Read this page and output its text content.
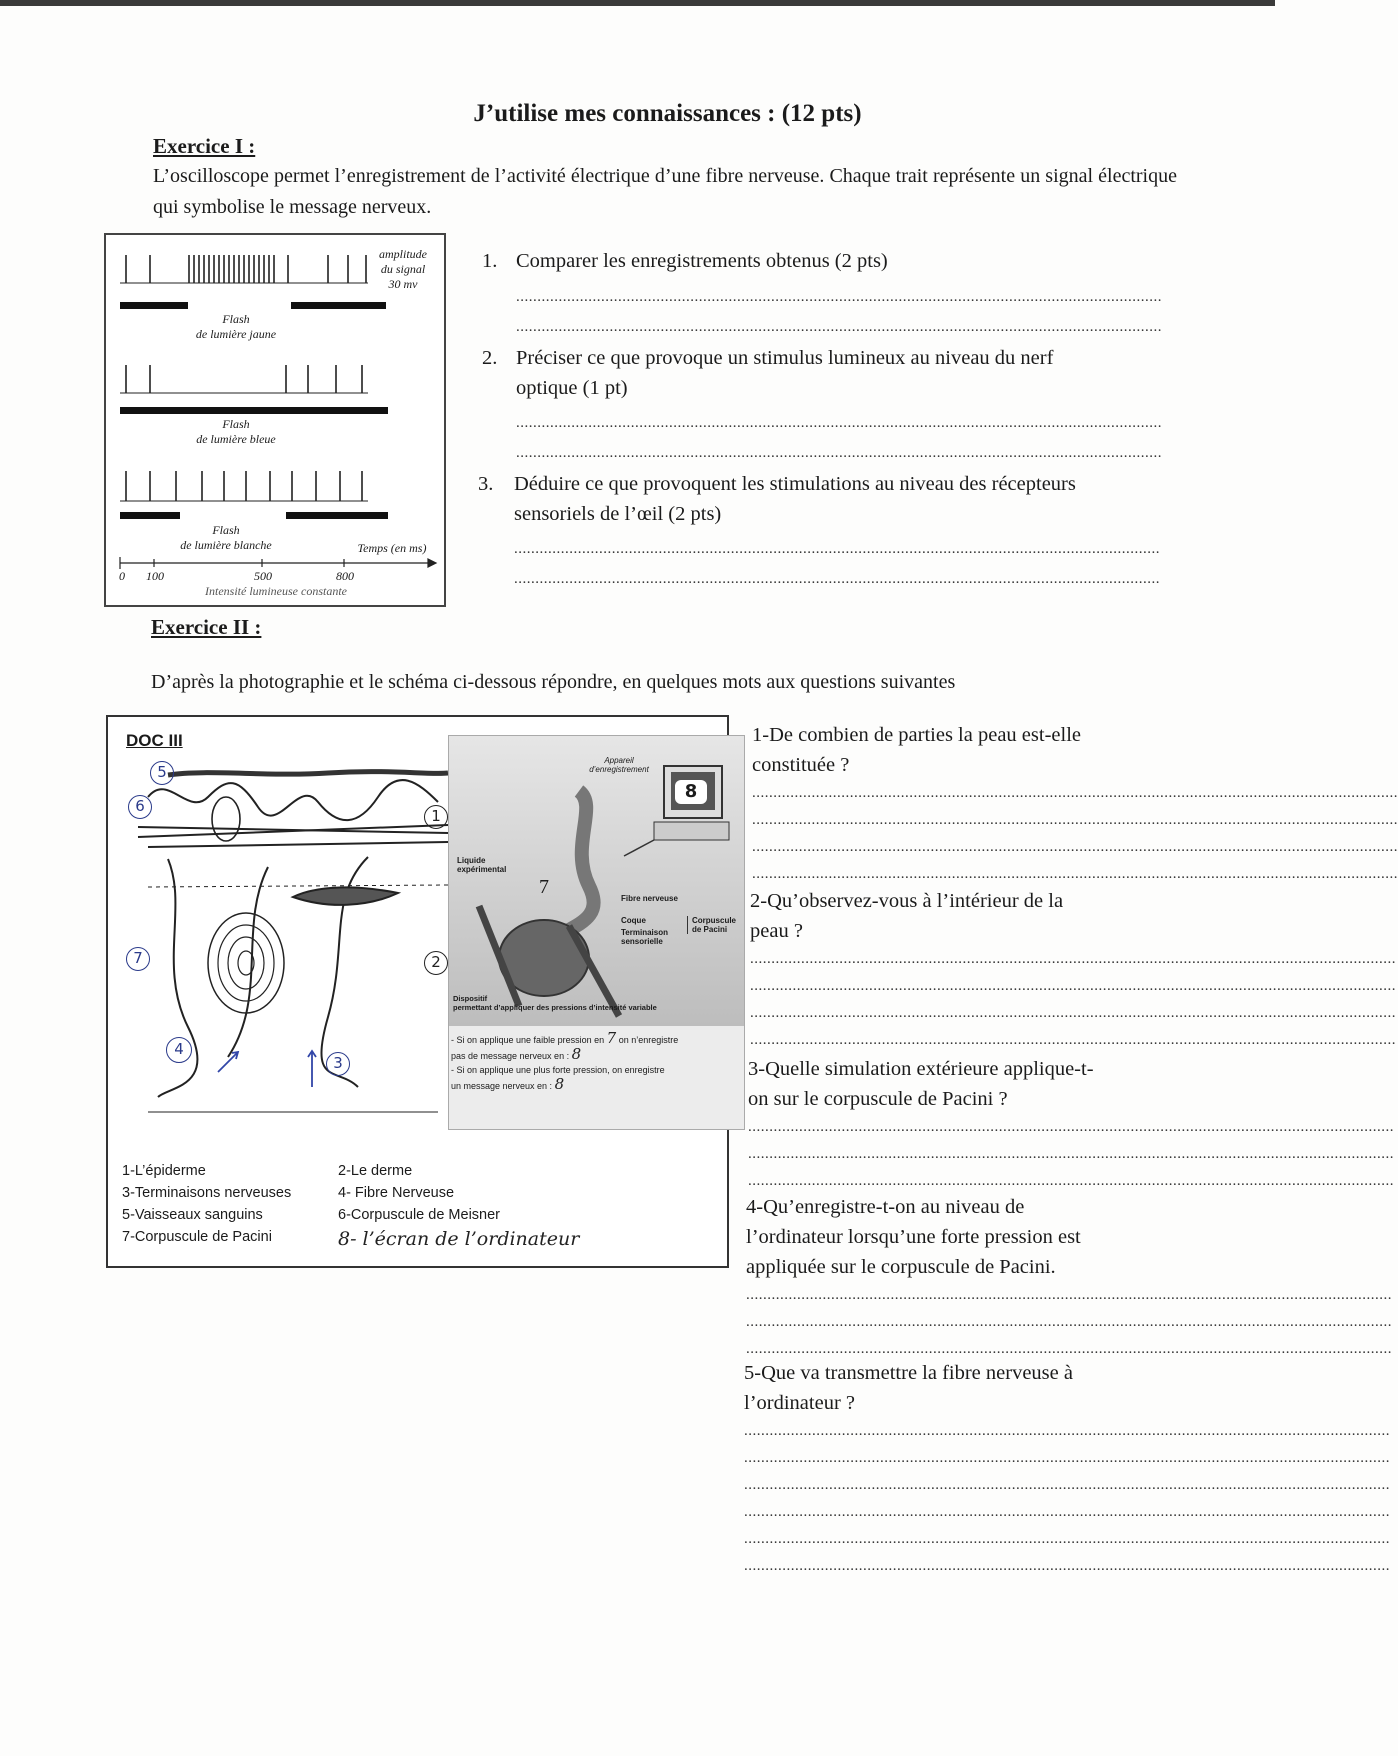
J’utilise mes connaissances : (12 pts)
Exercice I :
L’oscilloscope permet l’enregistrement de l’activité électrique d’une fibre nerveuse. Chaque trait représente un signal électrique qui symbolise le message nerveux.
amplitude
du signal
30 mv
Flash
de lumière jaune
Flash
de lumière bleue
Flash
de lumière blanche	Temps (en ms)
0	100	500	800
Intensité lumineuse constante
1. Comparer les enregistrements obtenus (2 pts)
........................................................................................................................................................
........................................................................................................................................................
2. Préciser ce que provoque un stimulus lumineux au niveau du nerf
optique (1 pt)
........................................................................................................................................................
........................................................................................................................................................
3. Déduire ce que provoquent les stimulations au niveau des récepteurs
sensoriels de l’œil (2 pts)
........................................................................................................................................................
........................................................................................................................................................
Exercice II :
D’après la photographie et le schéma ci-dessous répondre, en quelques mots aux questions suivantes
5
6
7
4
3
1
2
DOC III
8
Appareil
d’enregistrement
Liquide
expérimental
Fibre nerveuse
Coque
Terminaison
sensorielle
Corpuscule
de Pacini
7
Dispositif
permettant d’appliquer des pressions d’intensité variable
- Si on applique une faible pression en 7 on n’enregistre
pas de message nerveux en : 8
- Si on applique une plus forte pression, on enregistre
un message nerveux en : 8
1-L’épiderme
3-Terminaisons nerveuses
5-Vaisseaux sanguins
7-Corpuscule de Pacini
2-Le derme
4- Fibre Nerveuse
6-Corpuscule de Meisner
8- l’écran de l’ordinateur
1-De combien de parties la peau est-elle
constituée ?
........................................................................................................................................................
........................................................................................................................................................
........................................................................................................................................................
........................................................................................................................................................
2-Qu’observez-vous à l’intérieur de la
peau ?
........................................................................................................................................................
........................................................................................................................................................
........................................................................................................................................................
........................................................................................................................................................
3-Quelle simulation extérieure applique-t-
on sur le corpuscule de Pacini ?
........................................................................................................................................................
........................................................................................................................................................
........................................................................................................................................................
4-Qu’enregistre-t-on au niveau de
l’ordinateur lorsqu’une forte pression est
appliquée sur le corpuscule de Pacini.
........................................................................................................................................................
........................................................................................................................................................
........................................................................................................................................................
5-Que va transmettre la fibre nerveuse à
l’ordinateur ?
........................................................................................................................................................
........................................................................................................................................................
........................................................................................................................................................
........................................................................................................................................................
........................................................................................................................................................
........................................................................................................................................................
